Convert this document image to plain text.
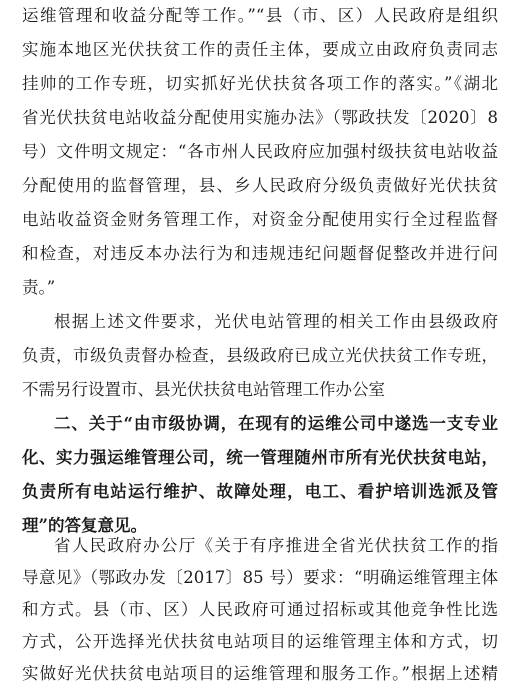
运维管理和收益分配等工作。”“县（市、区）人民政府是组织
实施本地区光伏扶贫工作的责任主体，要成立由政府负责同志
挂帅的工作专班，切实抓好光伏扶贫各项工作的落实。”《湖北
省光伏扶贫电站收益分配使用实施办法》（鄂政扶发〔2020〕8
号）文件明文规定：“各市州人民政府应加强村级扶贫电站收益
分配使用的监督管理，县、乡人民政府分级负责做好光伏扶贫
电站收益资金财务管理工作，对资金分配使用实行全过程监督
和检查，对违反本办法行为和违规违纪问题督促整改并进行问
责。”
根据上述文件要求，光伏电站管理的相关工作由县级政府
负责，市级负责督办检查，县级政府已成立光伏扶贫工作专班，
不需另行设置市、县光伏扶贫电站管理工作办公室
二、关于“由市级协调，在现有的运维公司中遂选一支专业
化、实力强运维管理公司，统一管理随州市所有光伏扶贫电站，
负责所有电站运行维护、故障处理，电工、看护培训选派及管
理”的答复意见。
省人民政府办公厅《关于有序推进全省光伏扶贫工作的指
导意见》（鄂政办发〔2017〕85 号）要求：“明确运维管理主体
和方式。县（市、区）人民政府可通过招标或其他竞争性比选
方式，公开选择光伏扶贫电站项目的运维管理主体和方式，切
实做好光伏扶贫电站项目的运维管理和服务工作。”根据上述精
